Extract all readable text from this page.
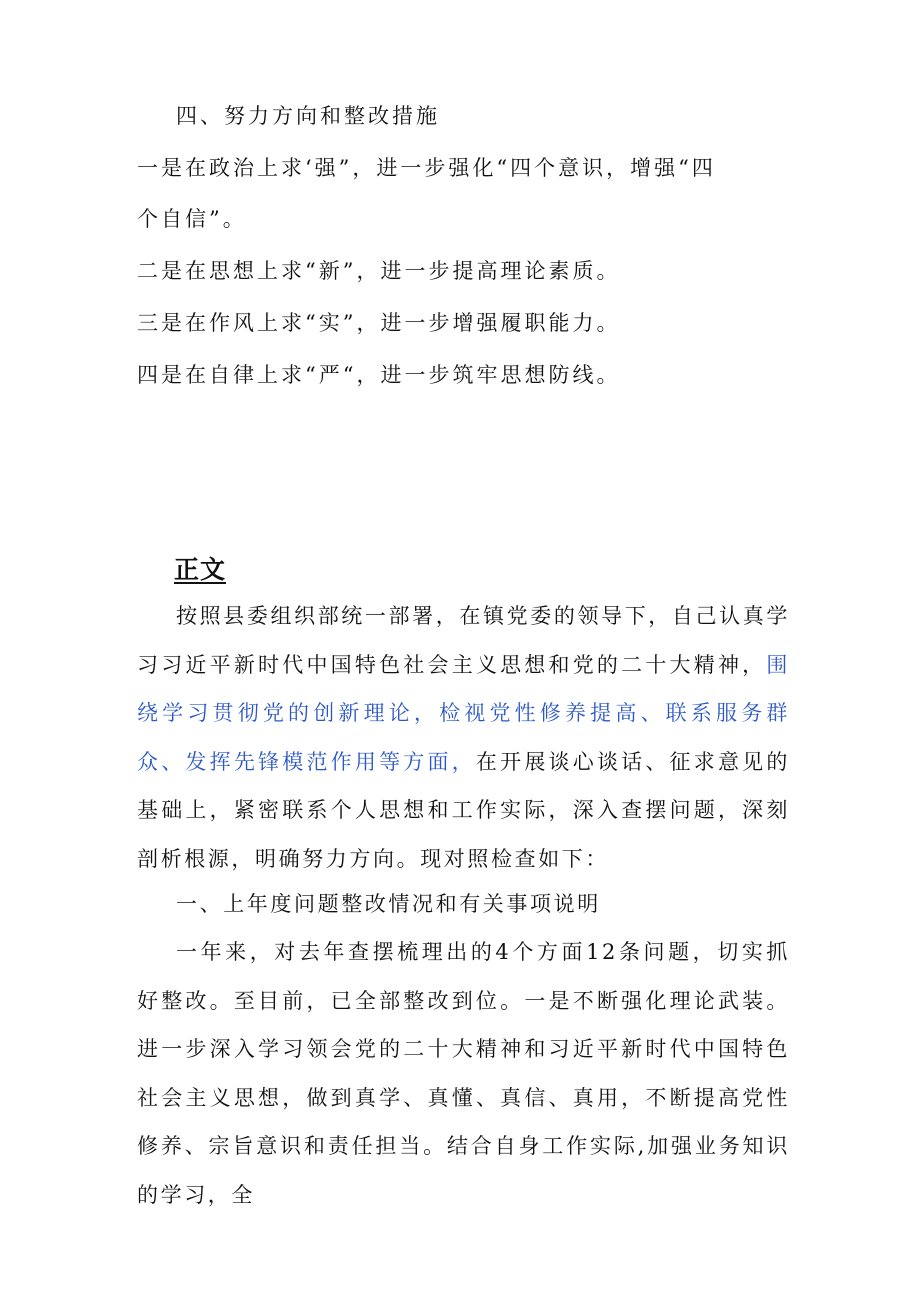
四、努力方向和整改措施
一是在政治上求‘强”，进一步强化“四个意识，增强“四
个自信”。
二是在思想上求“新”，进一步提高理论素质。
三是在作风上求“实”，进一步增强履职能力。
四是在自律上求“严“，进一步筑牢思想防线。
正文
按照县委组织部统一部署，在镇党委的领导下，自己认真学习习近平新时代中国特色社会主义思想和党的二十大精神，围绕学习贯彻党的创新理论，检视党性修养提高、联系服务群众、发挥先锋模范作用等方面，在开展谈心谈话、征求意见的基础上，紧密联系个人思想和工作实际，深入查摆问题，深刻剖析根源，明确努力方向。现对照检查如下：
一、上年度问题整改情况和有关事项说明
一年来，对去年查摆梳理出的4个方面12条问题，切实抓好整改。至目前，已全部整改到位。一是不断强化理论武装。进一步深入学习领会党的二十大精神和习近平新时代中国特色社会主义思想，做到真学、真懂、真信、真用，不断提高党性修养、宗旨意识和责任担当。结合自身工作实际,加强业务知识的学习，全
